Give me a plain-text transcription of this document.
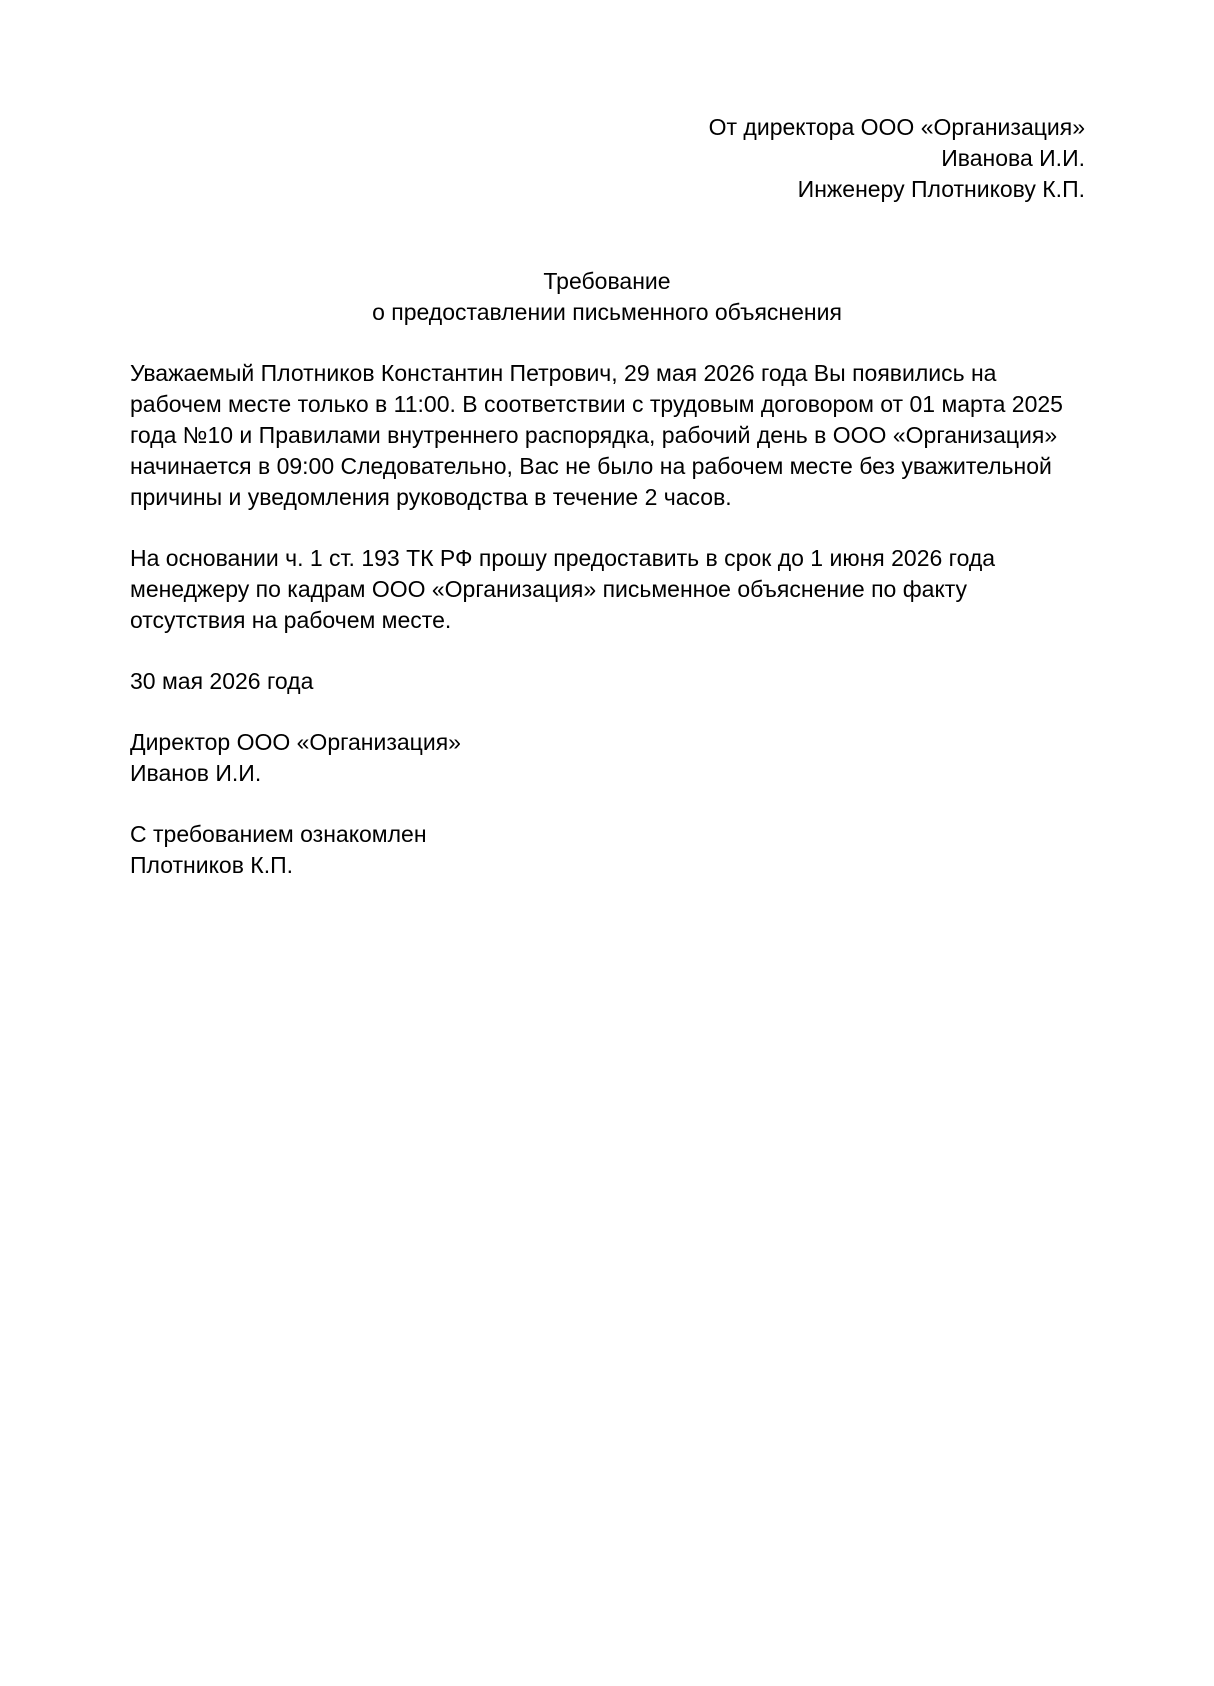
От директора ООО «Организация»

Иванова И.И.

Инженеру Плотникову К.П.

Требование

о предоставлении письменного объяснения

Уважаемый Плотников Константин Петрович, 29 мая 2026 года Вы появились на

рабочем месте только в 11:00. В соответствии с трудовым договором от 01 марта 2025

года №10 и Правилами внутреннего распорядка, рабочий день в ООО «Организация»

начинается в 09:00 Следовательно, Вас не было на рабочем месте без уважительной

причины и уведомления руководства в течение 2 часов.

На основании ч. 1 ст. 193 ТК РФ прошу предоставить в срок до 1 июня 2026 года

менеджеру по кадрам ООО «Организация» письменное объяснение по факту

отсутствия на рабочем месте.

30 мая 2026 года

Директор ООО «Организация»

Иванов И.И.

С требованием ознакомлен

Плотников К.П.
